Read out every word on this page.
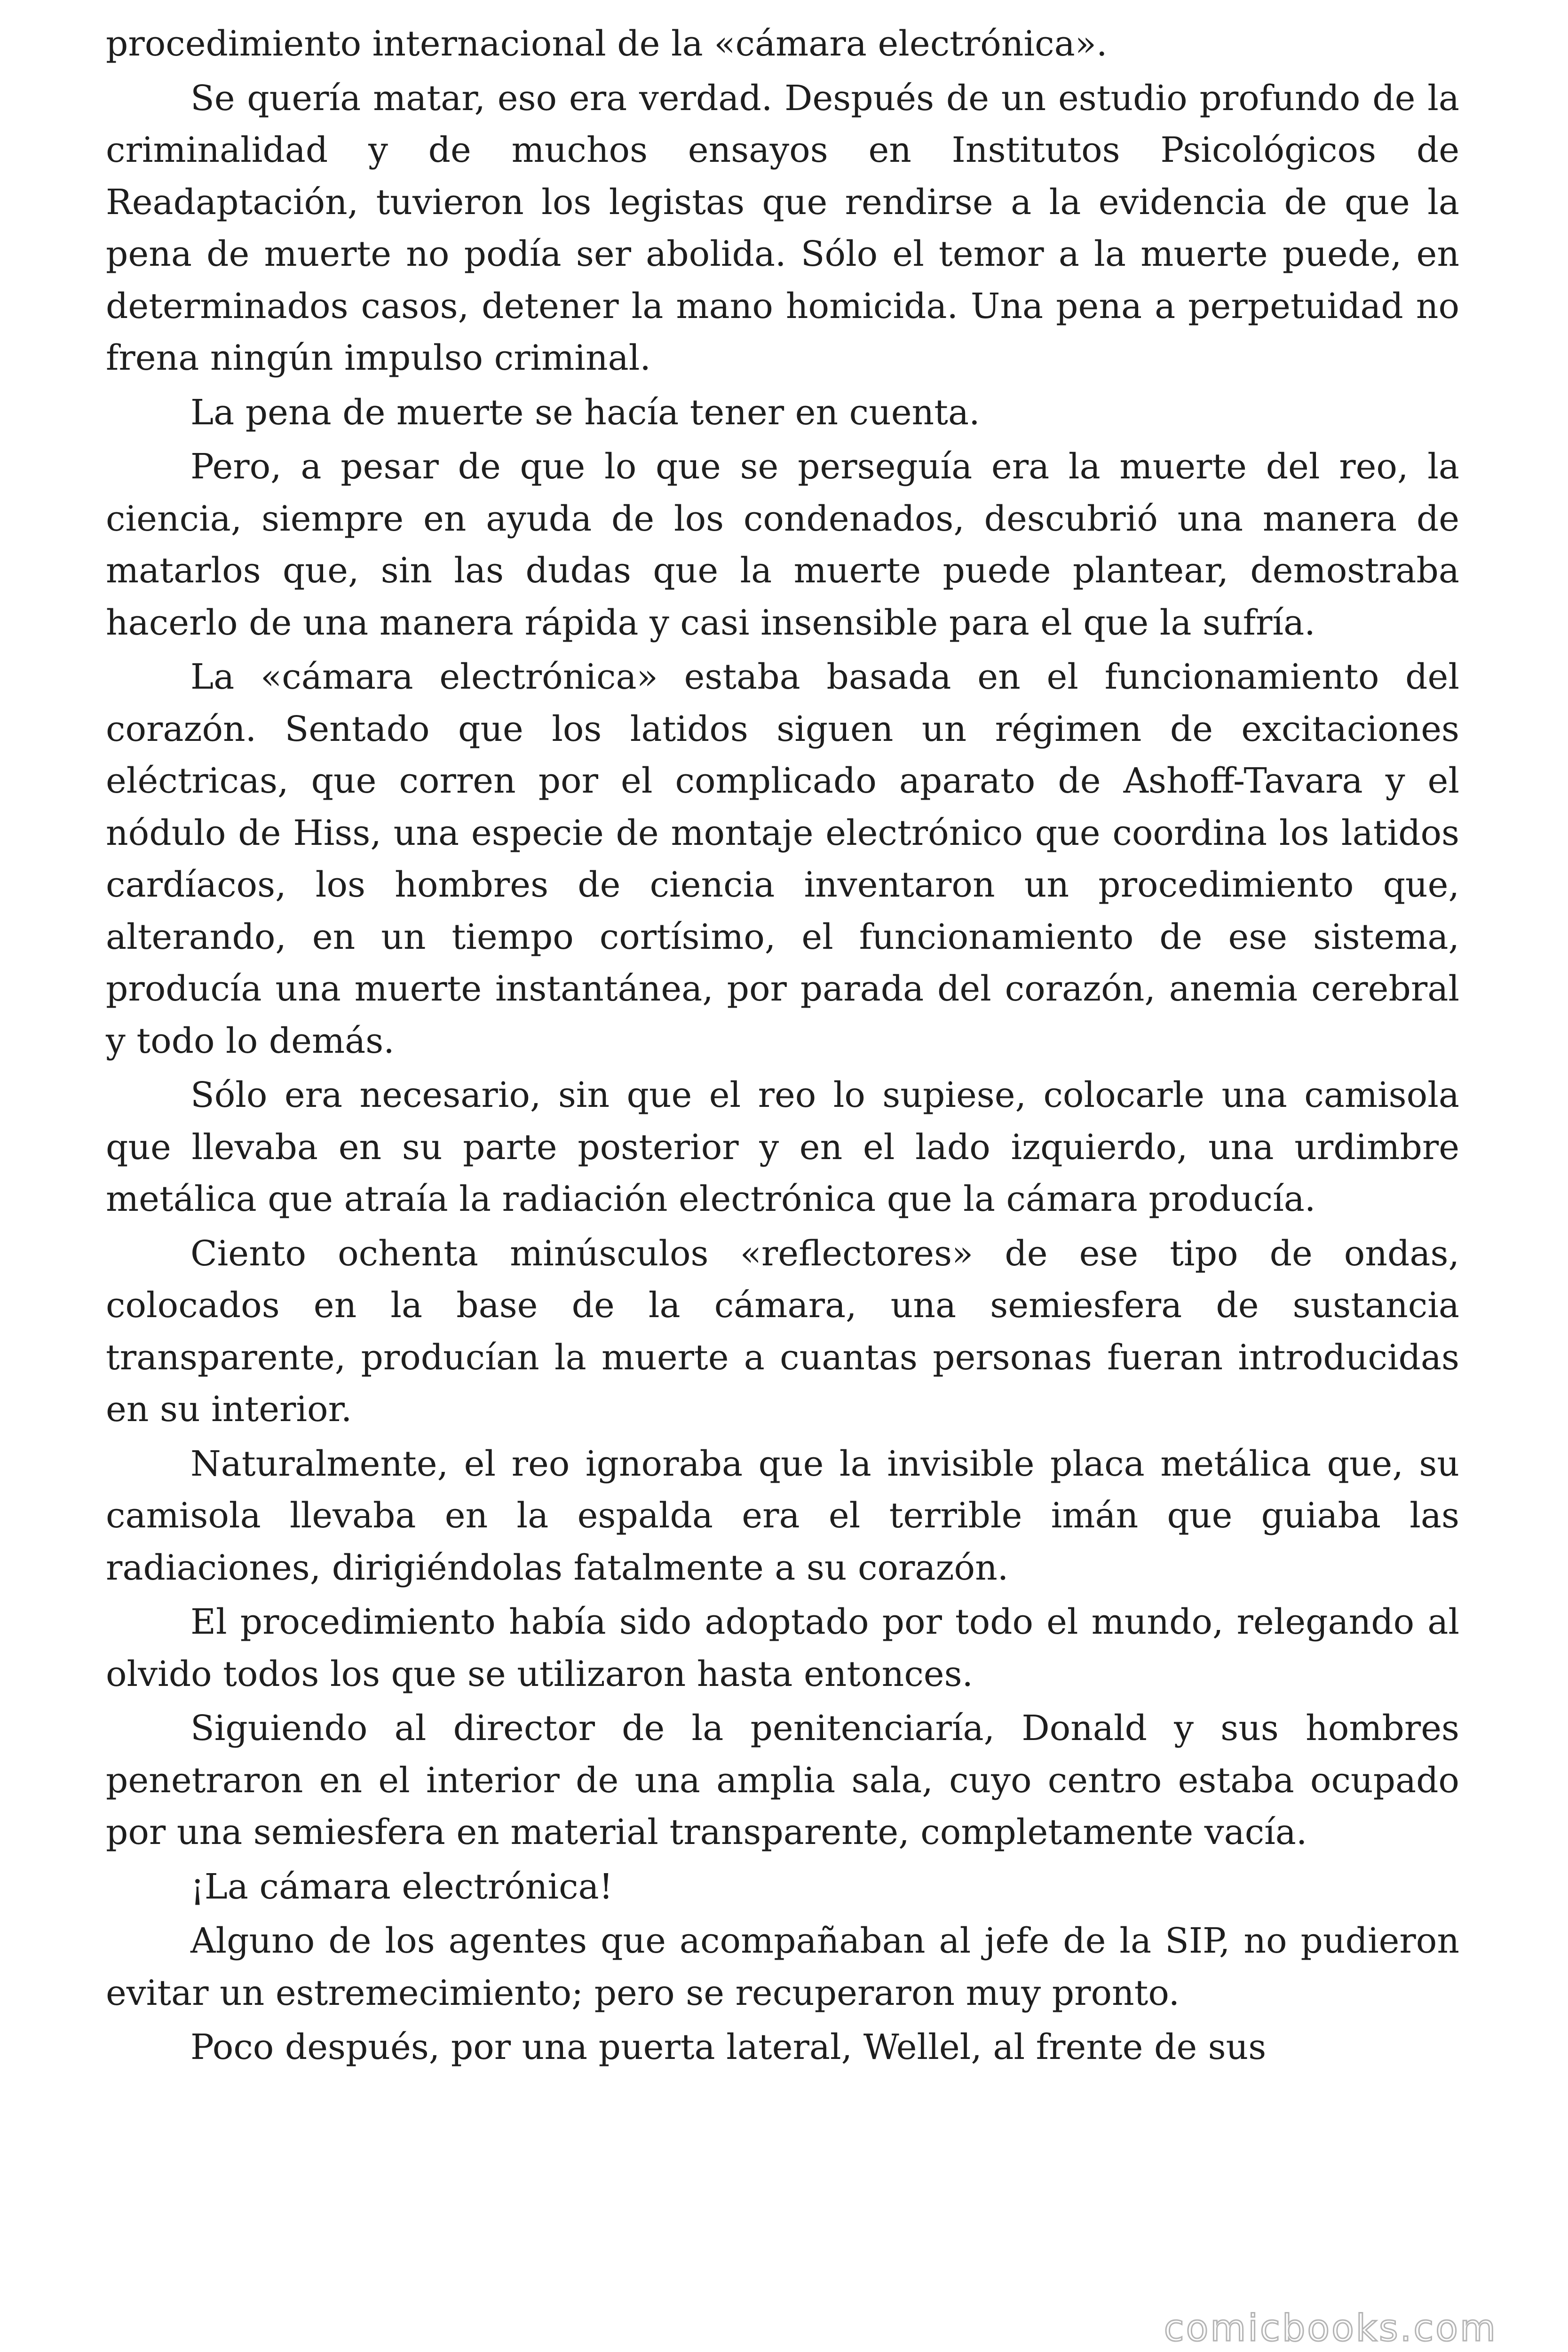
procedimiento internacional de la «cámara electrónica».

Se quería matar, eso era verdad. Después de un estudio profundo de la criminalidad y de muchos ensayos en Institutos Psicológicos de Readaptación, tuvieron los legistas que rendirse a la evidencia de que la pena de muerte no podía ser abolida. Sólo el temor a la muerte puede, en determinados casos, detener la mano homicida. Una pena a perpetuidad no frena ningún impulso criminal.

La pena de muerte se hacía tener en cuenta.

Pero, a pesar de que lo que se perseguía era la muerte del reo, la ciencia, siempre en ayuda de los condenados, descubrió una manera de matarlos que, sin las dudas que la muerte puede plantear, demostraba hacerlo de una manera rápida y casi insensible para el que la sufría.

La «cámara electrónica» estaba basada en el funcionamiento del corazón. Sentado que los latidos siguen un régimen de excitaciones eléctricas, que corren por el complicado aparato de Ashoff-Tavara y el nódulo de Hiss, una especie de montaje electrónico que coordina los latidos cardíacos, los hombres de ciencia inventaron un procedimiento que, alterando, en un tiempo cortísimo, el funcionamiento de ese sistema, producía una muerte instantánea, por parada del corazón, anemia cerebral y todo lo demás.

Sólo era necesario, sin que el reo lo supiese, colocarle una camisola que llevaba en su parte posterior y en el lado izquierdo, una urdimbre metálica que atraía la radiación electrónica que la cámara producía.

Ciento ochenta minúsculos «reflectores» de ese tipo de ondas, colocados en la base de la cámara, una semiesfera de sustancia transparente, producían la muerte a cuantas personas fueran introducidas en su interior.

Naturalmente, el reo ignoraba que la invisible placa metálica que, su camisola llevaba en la espalda era el terrible imán que guiaba las radiaciones, dirigiéndolas fatalmente a su corazón.

El procedimiento había sido adoptado por todo el mundo, relegando al olvido todos los que se utilizaron hasta entonces.

Siguiendo al director de la penitenciaría, Donald y sus hombres penetraron en el interior de una amplia sala, cuyo centro estaba ocupado por una semiesfera en material transparente, completamente vacía.

¡La cámara electrónica!

Alguno de los agentes que acompañaban al jefe de la SIP, no pudieron evitar un estremecimiento; pero se recuperaron muy pronto.

Poco después, por una puerta lateral, Wellel, al frente de sus

comicbooks.com
